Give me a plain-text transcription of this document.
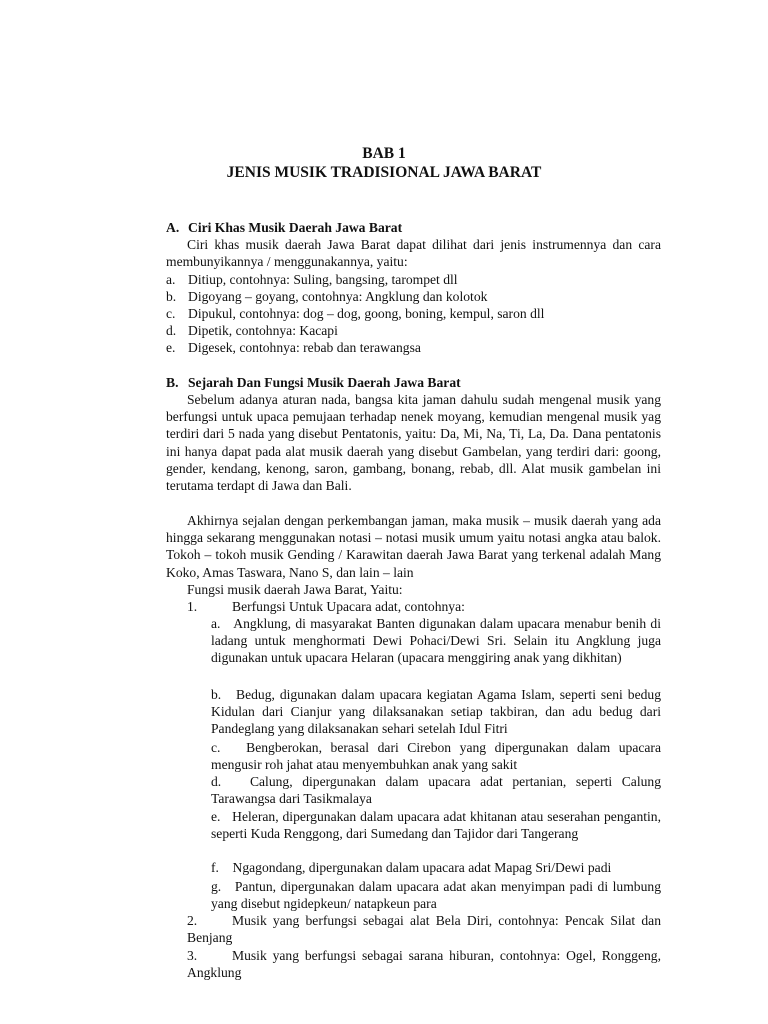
BAB 1
JENIS MUSIK TRADISIONAL JAWA BARAT
A. Ciri Khas Musik Daerah Jawa Barat

Ciri khas musik daerah Jawa Barat dapat dilihat dari jenis instrumennya dan cara membunyikannya / menggunakannya, yaitu:

a. Ditiup, contohnya: Suling, bangsing, tarompet dll
b. Digoyang – goyang, contohnya: Angklung dan kolotok
c. Dipukul, contohnya: dog – dog, goong, boning, kempul, saron dll
d. Dipetik, contohnya: Kacapi
e. Digesek, contohnya: rebab dan terawangsa
B. Sejarah Dan Fungsi Musik Daerah Jawa Barat

Sebelum adanya aturan nada, bangsa kita jaman dahulu sudah mengenal musik yang berfungsi untuk upaca pemujaan terhadap nenek moyang, kemudian mengenal musik yag terdiri dari 5 nada yang disebut Pentatonis, yaitu: Da, Mi, Na, Ti, La, Da. Dana pentatonis ini hanya dapat pada alat musik daerah yang disebut Gambelan, yang terdiri dari: goong, gender, kendang, kenong, saron, gambang, bonang, rebab, dll. Alat musik gambelan ini terutama terdapt di Jawa dan Bali.

Akhirnya sejalan dengan perkembangan jaman, maka musik – musik daerah yang ada hingga sekarang menggunakan notasi – notasi musik umum yaitu notasi angka atau balok. Tokoh – tokoh musik Gending / Karawitan daerah Jawa Barat yang terkenal adalah Mang Koko, Amas Taswara, Nano S, dan lain – lain

Fungsi musik daerah Jawa Barat, Yaitu:
1.	Berfungsi Untuk Upacara adat, contohnya:

a. Angklung, di masyarakat Banten digunakan dalam upacara menabur benih di ladang untuk menghormati Dewi Pohaci/Dewi Sri. Selain itu Angklung juga digunakan untuk upacara Helaran (upacara menggiring anak yang dikhitan)

b. Bedug, digunakan dalam upacara kegiatan Agama Islam, seperti seni bedug Kidulan dari Cianjur yang dilaksanakan setiap takbiran, dan adu bedug dari Pandeglang yang dilaksanakan sehari setelah Idul Fitri

c. Bengberokan, berasal dari Cirebon yang dipergunakan dalam upacara mengusir roh jahat atau menyembuhkan anak yang sakit

d. Calung, dipergunakan dalam upacara adat pertanian, seperti Calung Tarawangsa dari Tasikmalaya

e. Heleran, dipergunakan dalam upacara adat khitanan atau seserahan pengantin, seperti Kuda Renggong, dari Sumedang dan Tajidor dari Tangerang

f. Ngagondang, dipergunakan dalam upacara adat Mapag Sri/Dewi padi

g. Pantun, dipergunakan dalam upacara adat akan menyimpan padi di lumbung yang disebut ngidepkeun/ natapkeun para

2.	Musik yang berfungsi sebagai alat Bela Diri, contohnya: Pencak Silat dan Benjang

3.	Musik yang berfungsi sebagai sarana hiburan, contohnya: Ogel, Ronggeng, Angklung
